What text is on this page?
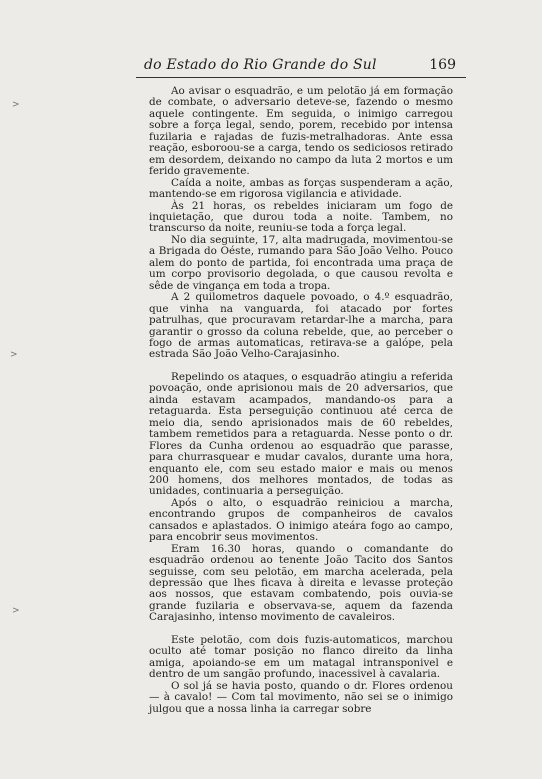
do Estado do Rio Grande do Sul	169
>
>
>

Ao avisar o esquadrão, e um pelotão já em formação de combate, o adversario deteve-se, fazendo o mesmo aquele contingente. Em seguida, o inimigo carregou sobre a força legal, sendo, porem, recebido por intensa fuzilaria e rajadas de fuzis-metralhadoras. Ante essa reação, esboroou-se a carga, tendo os sediciosos retirado em desordem, deixando no campo da luta 2 mortos e um ferido gravemente.

Caída a noite, ambas as forças suspenderam a ação, mantendo-se em rigorosa vigilancia e atividade.

Às 21 horas, os rebeldes iniciaram um fogo de inquietação, que durou toda a noite. Tambem, no transcurso da noite, reuniu-se toda a força legal.

No dia seguinte, 17, alta madrugada, movimentou-se a Brigada do Oéste, rumando para São João Velho. Pouco alem do ponto de partida, foi encontrada uma praça de um corpo provisorio degolada, o que causou revolta e sêde de vingança em toda a tropa.

A 2 quilometros daquele povoado, o 4.º esquadrão, que vinha na vanguarda, foi atacado por fortes patrulhas, que procuravam retardar-lhe a marcha, para garantir o grosso da coluna rebelde, que, ao perceber o fogo de armas automaticas, retirava-se a galópe, pela estrada São João Velho-Carajasinho.

Repelindo os ataques, o esquadrão atingiu a referida povoação, onde aprisionou mais de 20 adversarios, que ainda estavam acampados, mandando-os para a retaguarda. Esta perseguição continuou até cerca de meio dia, sendo aprisionados mais de 60 rebeldes, tambem remetidos para a retaguarda. Nesse ponto o dr. Flores da Cunha ordenou ao esquadrão que parasse, para churrasquear e mudar cavalos, durante uma hora, enquanto ele, com seu estado maior e mais ou menos 200 homens, dos melhores montados, de todas as unidades, continuaria a perseguição.

Após o alto, o esquadrão reiniciou a marcha, encontrando grupos de companheiros de cavalos cansados e aplastados. O inimigo ateára fogo ao campo, para encobrir seus movimentos.

Eram 16.30 horas, quando o comandante do esquadrão ordenou ao tenente João Tacito dos Santos seguisse, com seu pelotão, em marcha acelerada, pela depressão que lhes ficava à direita e levasse proteção aos nossos, que estavam combatendo, pois ouvia-se grande fuzilaria e observava-se, aquem da fazenda Carajasinho, intenso movimento de cavaleiros.

Este pelotão, com dois fuzis-automaticos, marchou oculto até tomar posição no flanco direito da linha amiga, apoiando-se em um matagal intransponivel e dentro de um sangão profundo, inacessivel à cavalaria.

O sol já se havia posto, quando o dr. Flores ordenou — à cavalo! — Com tal movimento, não sei se o inimigo julgou que a nossa linha ia carregar sobre
